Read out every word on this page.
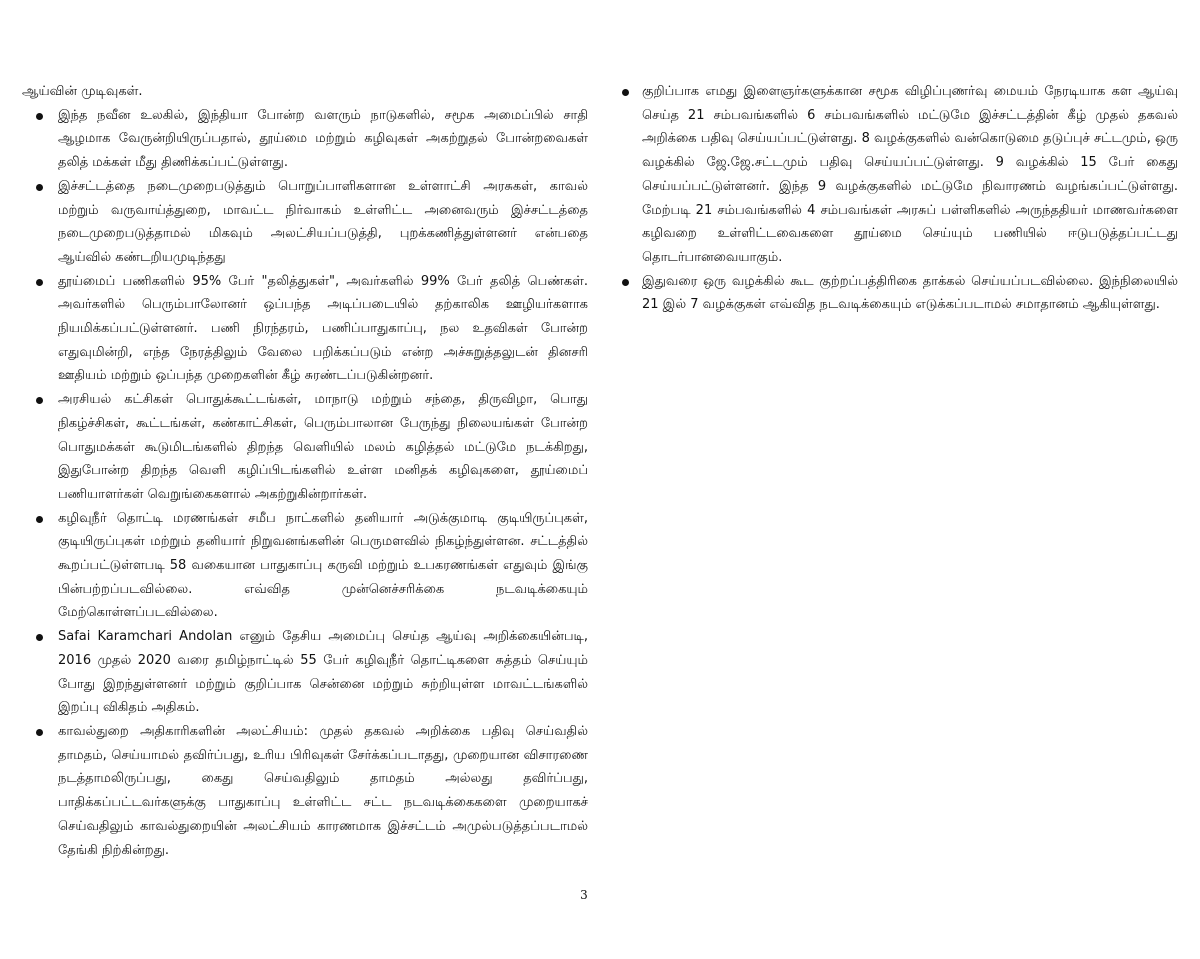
ஆய்வின் முடிவுகள்.
இந்த நவீன உலகில், இந்தியா போன்ற வளரும் நாடுகளில், சமூக அமைப்பில் சாதி ஆழமாக வேருன்றியிருப்பதால், தூய்மை மற்றும் கழிவுகள் அகற்றுதல் போன்றவைகள் தலித் மக்கள் மீது திணிக்கப்பட்டுள்ளது.
இச்சட்டத்தை நடைமுறைபடுத்தும் பொறுப்பாளிகளான உள்ளாட்சி அரசுகள், காவல் மற்றும் வருவாய்த்துறை, மாவட்ட நிர்வாகம் உள்ளிட்ட அனைவரும் இச்சட்டத்தை நடைமுறைபடுத்தாமல் மிகவும் அலட்சியப்படுத்தி, புறக்கணித்துள்ளனர் என்பதை ஆய்வில் கண்டறியமுடிந்தது
தூய்மைப் பணிகளில் 95% பேர் "தலித்துகள்", அவர்களில் 99% பேர் தலித் பெண்கள். அவர்களில் பெரும்பாலோனர் ஒப்பந்த அடிப்படையில் தற்காலிக ஊழியர்களாக நியமிக்கப்பட்டுள்ளனர். பணி நிரந்தரம், பணிப்பாதுகாப்பு, நல உதவிகள் போன்ற எதுவுமின்றி, எந்த நேரத்திலும் வேலை பறிக்கப்படும் என்ற அச்சுறுத்தலுடன் தினசரி ஊதியம் மற்றும் ஒப்பந்த முறைகளின் கீழ் சுரண்டப்படுகின்றனர்.
அரசியல் கட்சிகள் பொதுக்கூட்டங்கள், மாநாடு மற்றும் சந்தை, திருவிழா, பொது நிகழ்ச்சிகள், கூட்டங்கள், கண்காட்சிகள், பெரும்பாலான பேருந்து நிலையங்கள் போன்ற பொதுமக்கள் கூடுமிடங்களில் திறந்த வெளியில் மலம் கழித்தல் மட்டுமே நடக்கிறது, இதுபோன்ற திறந்த வெளி கழிப்பிடங்களில் உள்ள மனிதக் கழிவுகளை, தூய்மைப் பணியாளர்கள் வெறுங்கைகளால் அகற்றுகின்றார்கள்.
கழிவுநீர் தொட்டி மரணங்கள் சமீப நாட்களில் தனியார் அடுக்குமாடி குடியிருப்புகள், குடியிருப்புகள் மற்றும் தனியார் நிறுவனங்களின் பெருமளவில் நிகழ்ந்துள்ளன. சட்டத்தில் கூறப்பட்டுள்ளபடி 58 வகையான பாதுகாப்பு கருவி மற்றும் உபகரணங்கள் எதுவும் இங்கு பின்பற்றப்படவில்லை. எவ்வித முன்னெச்சரிக்கை நடவடிக்கையும் மேற்கொள்ளப்படவில்லை.
Safai Karamchari Andolan எனும் தேசிய அமைப்பு செய்த ஆய்வு அறிக்கையின்படி, 2016 முதல் 2020 வரை தமிழ்நாட்டில் 55 பேர் கழிவுநீர் தொட்டிகளை சுத்தம் செய்யும் போது இறந்துள்ளனர் மற்றும் குறிப்பாக சென்னை மற்றும் சுற்றியுள்ள மாவட்டங்களில் இறப்பு விகிதம் அதிகம்.
காவல்துறை அதிகாரிகளின் அலட்சியம்: முதல் தகவல் அறிக்கை பதிவு செய்வதில் தாமதம், செய்யாமல் தவிர்ப்பது, உரிய பிரிவுகள் சேர்க்கப்படாதது, முறையான விசாரணை நடத்தாமலிருப்பது, கைது செய்வதிலும் தாமதம் அல்லது தவிர்ப்பது, பாதிக்கப்பட்டவர்களுக்கு பாதுகாப்பு உள்ளிட்ட சட்ட நடவடிக்கைகளை முறையாகச் செய்வதிலும் காவல்துறையின் அலட்சியம் காரணமாக இச்சட்டம் அமுல்படுத்தப்படாமல் தேங்கி நிற்கின்றது.
குறிப்பாக எமது இளைஞர்களுக்கான சமூக விழிப்புணர்வு மையம் நேரடியாக கள ஆய்வு செய்த 21 சம்பவங்களில் 6 சம்பவங்களில் மட்டுமே இச்சட்டத்தின் கீழ் முதல் தகவல் அறிக்கை பதிவு செய்யப்பட்டுள்ளது. 8 வழக்குகளில் வன்கொடுமை தடுப்புச் சட்டமும், ஒரு வழக்கில் ஜே.ஜே.சட்டமும் பதிவு செய்யப்பட்டுள்ளது. 9 வழக்கில் 15 பேர் கைது செய்யப்பட்டுள்ளனர். இந்த 9 வழக்குகளில் மட்டுமே நிவாரணம் வழங்கப்பட்டுள்ளது. மேற்படி 21 சம்பவங்களில் 4 சம்பவங்கள் அரசுப் பள்ளிகளில் அருந்ததியர் மாணவர்களை கழிவறை உள்ளிட்டவைகளை தூய்மை செய்யும் பணியில் ஈடுபடுத்தப்பட்டது தொடர்பானவையாகும்.
இதுவரை ஒரு வழக்கில் கூட குற்றப்பத்திரிகை தாக்கல் செய்யப்படவில்லை. இந்நிலையில் 21 இல் 7 வழக்குகள் எவ்வித நடவடிக்கையும் எடுக்கப்படாமல் சமாதானம் ஆகியுள்ளது.
3
